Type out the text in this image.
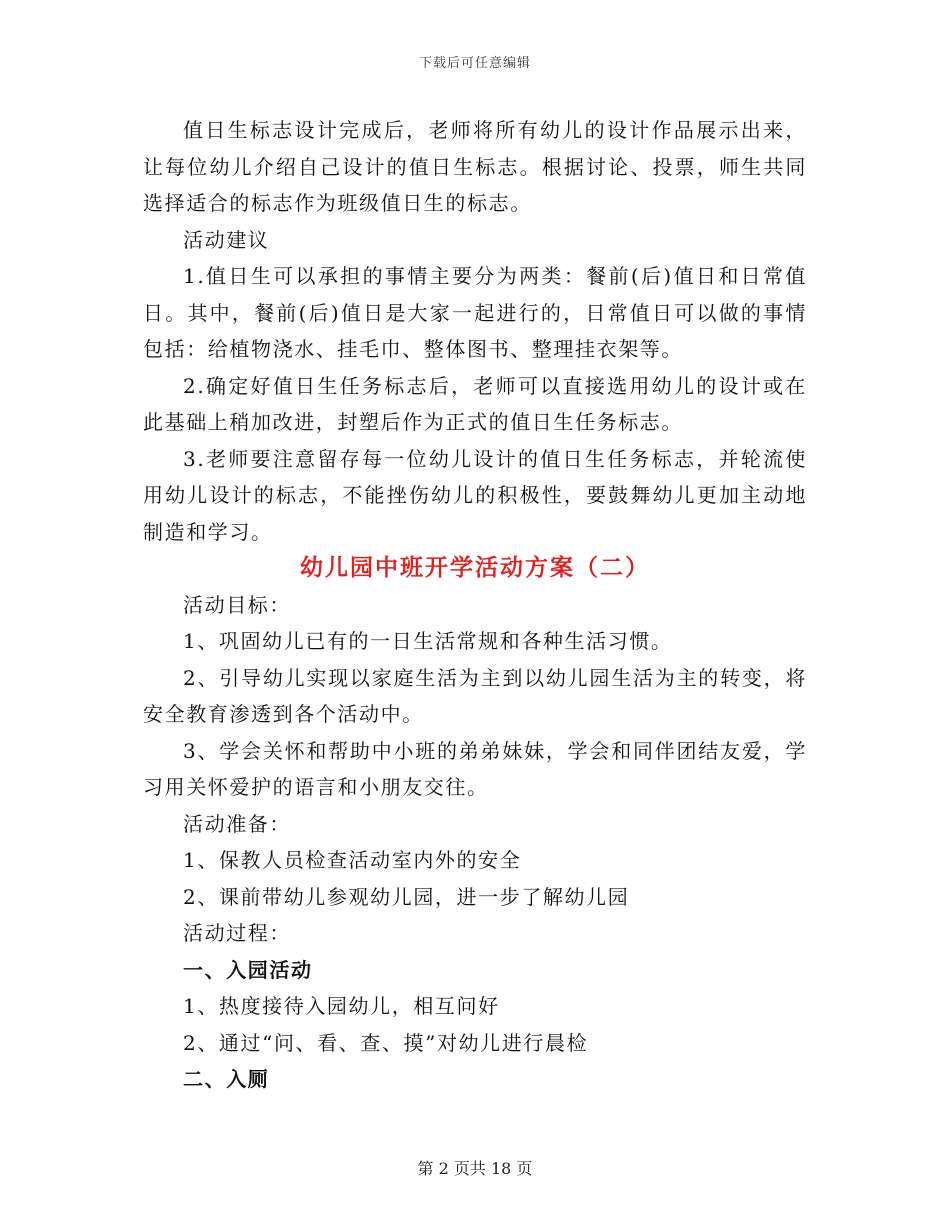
下载后可任意编辑

值日生标志设计完成后，老师将所有幼儿的设计作品展示出来，让每位幼儿介绍自己设计的值日生标志。根据讨论、投票，师生共同选择适合的标志作为班级值日生的标志。

活动建议

1.值日生可以承担的事情主要分为两类：餐前(后)值日和日常值日。其中，餐前(后)值日是大家一起进行的，日常值日可以做的事情包括：给植物浇水、挂毛巾、整体图书、整理挂衣架等。

2.确定好值日生任务标志后，老师可以直接选用幼儿的设计或在此基础上稍加改进，封塑后作为正式的值日生任务标志。

3.老师要注意留存每一位幼儿设计的值日生任务标志，并轮流使用幼儿设计的标志，不能挫伤幼儿的积极性，要鼓舞幼儿更加主动地制造和学习。

幼儿园中班开学活动方案（二）

活动目标：

1、巩固幼儿已有的一日生活常规和各种生活习惯。

2、引导幼儿实现以家庭生活为主到以幼儿园生活为主的转变，将安全教育渗透到各个活动中。

3、学会关怀和帮助中小班的弟弟妹妹，学会和同伴团结友爱，学习用关怀爱护的语言和小朋友交往。

活动准备：

1、保教人员检查活动室内外的安全

2、课前带幼儿参观幼儿园，进一步了解幼儿园

活动过程：

一、入园活动

1、热度接待入园幼儿，相互问好

2、通过“问、看、查、摸”对幼儿进行晨检

二、入厕

第 2 页共 18 页
